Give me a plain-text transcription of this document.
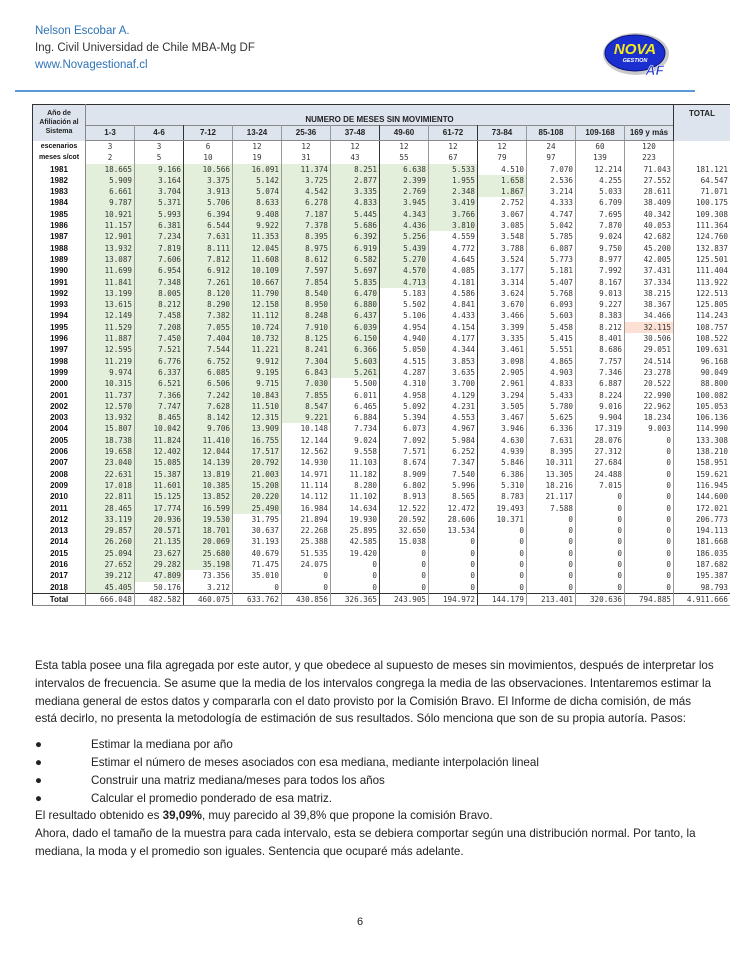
Nelson Escobar A.
Ing. Civil Universidad de Chile MBA-Mg DF
www.Novagestionaf.cl
NOVA
GESTION
AF
Año de Afiliación al Sistema	NUMERO DE MESES SIN MOVIMIENTO												TOTAL
	1-3	4-6	7-12	13-24	25-36	37-48	49-60	61-72	73-84	85-108	109-168	169 y más	
escenarios	3	3	6	12	12	12	12	12	12	24	60	120	
meses s/cot	2	5	10	19	31	43	55	67	79	97	139	223	
1981	18.665	9.166	10.566	16.091	11.374	8.251	6.638	5.533	4.510	7.070	12.214	71.043	181.121
1982	5.909	3.164	3.375	5.142	3.725	2.877	2.399	1.955	1.658	2.536	4.255	27.552	64.547
1983	6.661	3.704	3.913	5.074	4.542	3.335	2.769	2.348	1.867	3.214	5.033	28.611	71.071
1984	9.787	5.371	5.706	8.633	6.278	4.833	3.945	3.419	2.752	4.333	6.709	38.409	100.175
1985	10.921	5.993	6.394	9.408	7.187	5.445	4.343	3.766	3.067	4.747	7.695	40.342	109.308
1986	11.157	6.381	6.544	9.922	7.378	5.686	4.436	3.810	3.085	5.042	7.870	40.053	111.364
1987	12.901	7.234	7.631	11.353	8.395	6.392	5.256	4.559	3.548	5.785	9.024	42.682	124.760
1988	13.932	7.819	8.111	12.045	8.975	6.919	5.439	4.772	3.788	6.087	9.750	45.200	132.837
1989	13.087	7.606	7.812	11.608	8.612	6.582	5.270	4.645	3.524	5.773	8.977	42.005	125.501
1990	11.699	6.954	6.912	10.109	7.597	5.697	4.570	4.085	3.177	5.181	7.992	37.431	111.404
1991	11.841	7.348	7.261	10.667	7.854	5.835	4.713	4.181	3.314	5.407	8.167	37.334	113.922
1992	13.199	8.005	8.120	11.790	8.540	6.470	5.183	4.586	3.624	5.768	9.013	38.215	122.513
1993	13.615	8.212	8.290	12.158	8.950	6.880	5.502	4.841	3.670	6.093	9.227	38.367	125.805
1994	12.149	7.458	7.382	11.112	8.248	6.437	5.106	4.433	3.466	5.603	8.383	34.466	114.243
1995	11.529	7.208	7.055	10.724	7.910	6.039	4.954	4.154	3.399	5.458	8.212	32.115	108.757
1996	11.887	7.450	7.404	10.732	8.125	6.150	4.940	4.177	3.335	5.415	8.401	30.506	108.522
1997	12.595	7.521	7.544	11.221	8.241	6.366	5.050	4.344	3.461	5.551	8.686	29.051	109.631
1998	11.219	6.776	6.752	9.912	7.304	5.603	4.515	3.853	3.098	4.865	7.757	24.514	96.168
1999	9.974	6.337	6.085	9.195	6.843	5.261	4.287	3.635	2.905	4.903	7.346	23.278	90.049
2000	10.315	6.521	6.506	9.715	7.030	5.500	4.310	3.700	2.961	4.833	6.887	20.522	88.800
2001	11.737	7.366	7.242	10.843	7.855	6.011	4.958	4.129	3.294	5.433	8.224	22.990	100.082
2002	12.570	7.747	7.628	11.510	8.547	6.465	5.092	4.231	3.505	5.780	9.016	22.962	105.053
2003	13.932	8.465	8.142	12.315	9.221	6.884	5.394	4.553	3.467	5.625	9.904	18.234	106.136
2004	15.807	10.042	9.706	13.909	10.148	7.734	6.073	4.967	3.946	6.336	17.319	9.003	114.990
2005	18.738	11.824	11.410	16.755	12.144	9.024	7.092	5.984	4.630	7.631	28.076	0	133.308
2006	19.658	12.402	12.044	17.517	12.562	9.558	7.571	6.252	4.939	8.395	27.312	0	138.210
2007	23.040	15.085	14.139	20.792	14.930	11.103	8.674	7.347	5.846	10.311	27.684	0	158.951
2008	22.631	15.387	13.819	21.003	14.971	11.182	8.909	7.540	6.386	13.305	24.488	0	159.621
2009	17.018	11.601	10.385	15.208	11.114	8.280	6.802	5.996	5.310	18.216	7.015	0	116.945
2010	22.811	15.125	13.852	20.220	14.112	11.102	8.913	8.565	8.783	21.117	0	0	144.600
2011	28.465	17.774	16.599	25.490	16.984	14.634	12.522	12.472	19.493	7.588	0	0	172.021
2012	33.119	20.936	19.530	31.795	21.894	19.930	20.592	28.606	10.371	0	0	0	206.773
2013	29.857	20.571	18.701	30.637	22.268	25.895	32.650	13.534	0	0	0	0	194.113
2014	26.260	21.135	20.069	31.193	25.388	42.585	15.038	0	0	0	0	0	181.668
2015	25.094	23.627	25.680	40.679	51.535	19.420	0	0	0	0	0	0	186.035
2016	27.652	29.282	35.198	71.475	24.075	0	0	0	0	0	0	0	187.682
2017	39.212	47.809	73.356	35.010	0	0	0	0	0	0	0	0	195.387
2018	45.405	50.176	3.212	0	0	0	0	0	0	0	0	0	98.793
Total	666.048	482.582	460.075	633.762	430.856	326.365	243.905	194.972	144.179	213.401	320.636	794.885	4.911.666

Esta tabla posee una fila agregada por este autor, y que obedece al supuesto de meses sin movimientos, después de interpretar los intervalos de frecuencia. Se asume que la media de los intervalos congrega la media de las observaciones. Intentaremos estimar la mediana general de estos datos y compararla con el dato provisto por la Comisión Bravo. El Informe de dicha comisión, de más está decirlo, no presenta la metodología de estimación de sus resultados. Sólo menciona que son de su propia autoría. Pasos:

●	Estimar la mediana por año
●	Estimar el número de meses asociados con esa mediana, mediante interpolación lineal
●	Construir una matriz mediana/meses para todos los años
●	Calcular el promedio ponderado de esa matriz.

El resultado obtenido es 39,09%, muy parecido al 39,8% que propone la comisión Bravo.

Ahora, dado el tamaño de la muestra para cada intervalo, esta se debiera comportar según una distribución normal. Por tanto, la mediana, la moda y el promedio son iguales. Sentencia que ocuparé más adelante.

6
